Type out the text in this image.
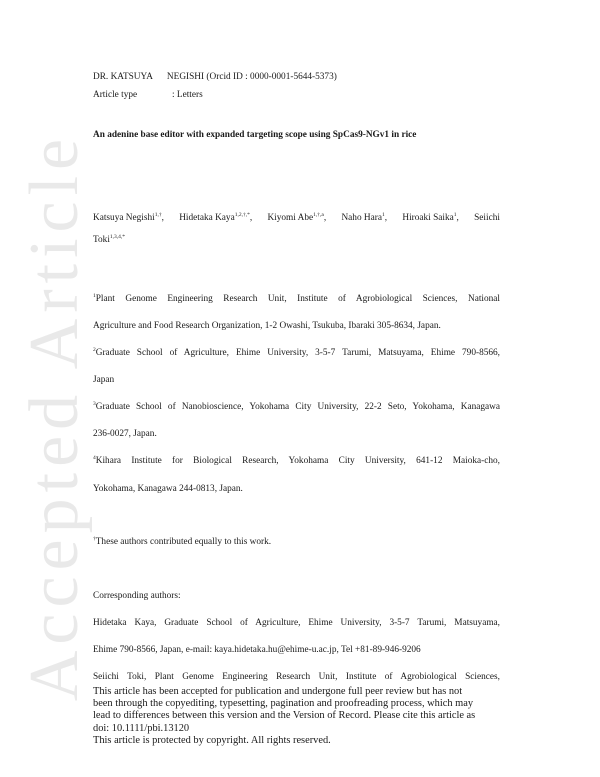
Accepted Article
DR. KATSUYA NEGISHI (Orcid ID : 0000-0001-5644-5373)
Article type	: Letters
An adenine base editor with expanded targeting scope using SpCas9-NGv1 in rice
Katsuya Negishi$^{1,\dagger}$, Hidetaka Kaya$^{1,2,\dagger,*}$, Kiyomi Abe$^{1,\dagger,a}$, Naho Hara$^1$, Hiroaki Saika$^1$, Seiichi
Toki$^{1,3,4,*}$
$^1$Plant Genome Engineering Research Unit, Institute of Agrobiological Sciences, National
Agriculture and Food Research Organization, 1-2 Owashi, Tsukuba, Ibaraki 305-8634, Japan.
$^2$Graduate School of Agriculture, Ehime University, 3-5-7 Tarumi, Matsuyama, Ehime 790-8566,
Japan
$^3$Graduate School of Nanobioscience, Yokohama City University, 22-2 Seto, Yokohama, Kanagawa
236-0027, Japan.
$^4$Kihara Institute for Biological Research, Yokohama City University, 641-12 Maioka-cho,
Yokohama, Kanagawa 244-0813, Japan.
†These authors contributed equally to this work.
Corresponding authors:
Hidetaka Kaya, Graduate School of Agriculture, Ehime University, 3-5-7 Tarumi, Matsuyama,
Ehime 790-8566, Japan, e-mail: kaya.hidetaka.hu@ehime-u.ac.jp, Tel +81-89-946-9206
Seiichi Toki, Plant Genome Engineering Research Unit, Institute of Agrobiological Sciences,
This article has been accepted for publication and undergone full peer review but has not
been through the copyediting, typesetting, pagination and proofreading process, which may
lead to differences between this version and the Version of Record. Please cite this article as
doi: 10.1111/pbi.13120
This article is protected by copyright. All rights reserved.
